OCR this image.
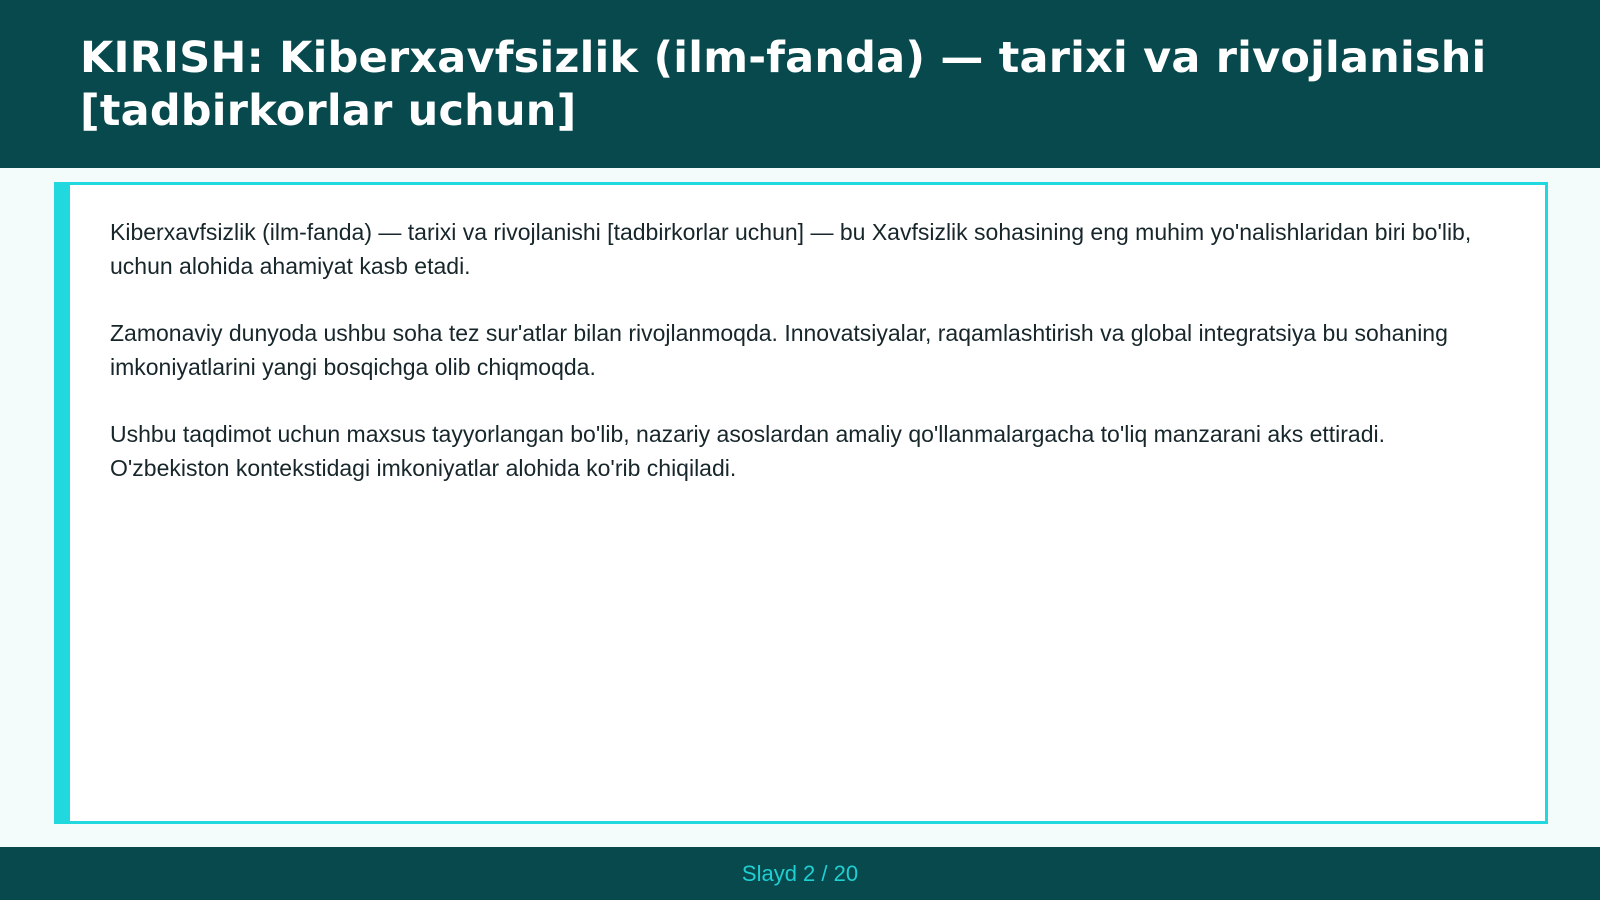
KIRISH: Kiberxavfsizlik (ilm-fanda) — tarixi va rivojlanishi [tadbirkorlar uchun]

Kiberxavfsizlik (ilm-fanda) — tarixi va rivojlanishi [tadbirkorlar uchun] — bu Xavfsizlik sohasining eng muhim yo'nalishlaridan biri bo'lib, uchun alohida ahamiyat kasb etadi.

Zamonaviy dunyoda ushbu soha tez sur'atlar bilan rivojlanmoqda. Innovatsiyalar, raqamlashtirish va global integratsiya bu sohaning imkoniyatlarini yangi bosqichga olib chiqmoqda.

Ushbu taqdimot uchun maxsus tayyorlangan bo'lib, nazariy asoslardan amaliy qo'llanmalargacha to'liq manzarani aks ettiradi. O'zbekiston kontekstidagi imkoniyatlar alohida ko'rib chiqiladi.

Slayd 2 / 20
